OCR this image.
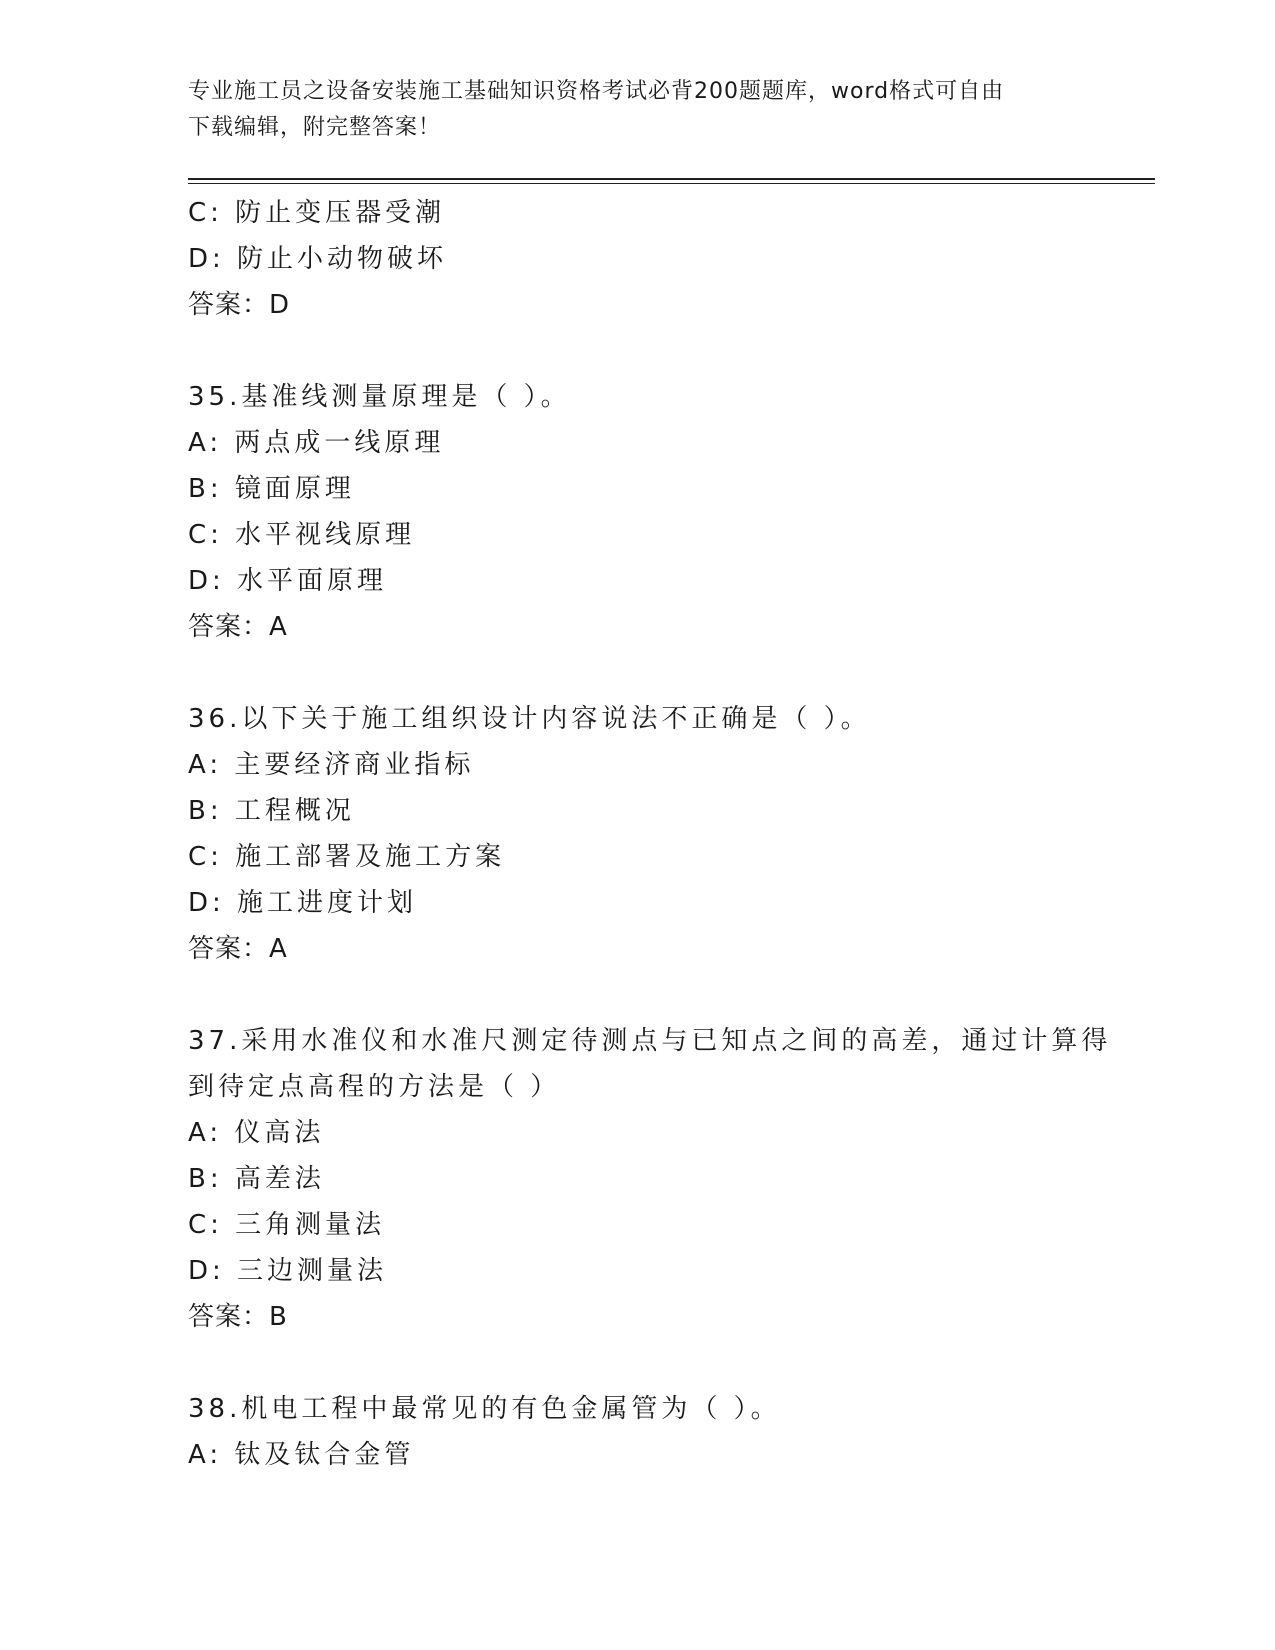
专业施工员之设备安装施工基础知识资格考试必背200题题库，word格式可自由
下载编辑，附完整答案！
C: 防止变压器受潮
D: 防止小动物破坏
答案：D
35.基准线测量原理是（ ）。
A: 两点成一线原理
B: 镜面原理
C: 水平视线原理
D: 水平面原理
答案：A
36.以下关于施工组织设计内容说法不正确是（ ）。
A: 主要经济商业指标
B: 工程概况
C: 施工部署及施工方案
D: 施工进度计划
答案：A
37.采用水准仪和水准尺测定待测点与已知点之间的高差，通过计算得
到待定点高程的方法是（ ）
A: 仪高法
B: 高差法
C: 三角测量法
D: 三边测量法
答案：B
38.机电工程中最常见的有色金属管为（ ）。
A: 钛及钛合金管
